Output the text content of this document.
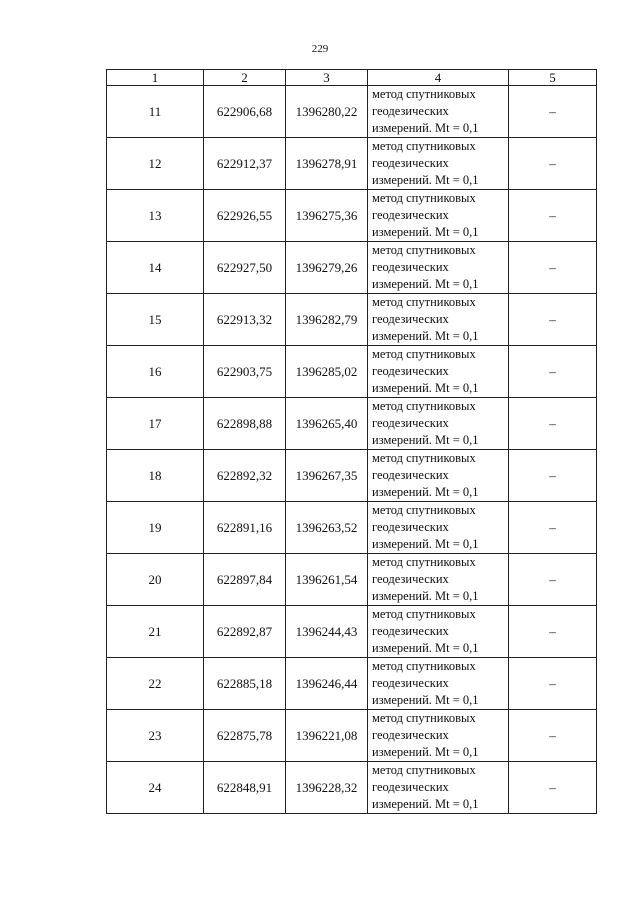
229
1	2	3	4	5
11	622906,68	1396280,22	метод спутниковых
геодезических
измерений. Mt = 0,1	–
12	622912,37	1396278,91	метод спутниковых
геодезических
измерений. Mt = 0,1	–
13	622926,55	1396275,36	метод спутниковых
геодезических
измерений. Mt = 0,1	–
14	622927,50	1396279,26	метод спутниковых
геодезических
измерений. Mt = 0,1	–
15	622913,32	1396282,79	метод спутниковых
геодезических
измерений. Mt = 0,1	–
16	622903,75	1396285,02	метод спутниковых
геодезических
измерений. Mt = 0,1	–
17	622898,88	1396265,40	метод спутниковых
геодезических
измерений. Mt = 0,1	–
18	622892,32	1396267,35	метод спутниковых
геодезических
измерений. Mt = 0,1	–
19	622891,16	1396263,52	метод спутниковых
геодезических
измерений. Mt = 0,1	–
20	622897,84	1396261,54	метод спутниковых
геодезических
измерений. Mt = 0,1	–
21	622892,87	1396244,43	метод спутниковых
геодезических
измерений. Mt = 0,1	–
22	622885,18	1396246,44	метод спутниковых
геодезических
измерений. Mt = 0,1	–
23	622875,78	1396221,08	метод спутниковых
геодезических
измерений. Mt = 0,1	–
24	622848,91	1396228,32	метод спутниковых
геодезических
измерений. Mt = 0,1	–
